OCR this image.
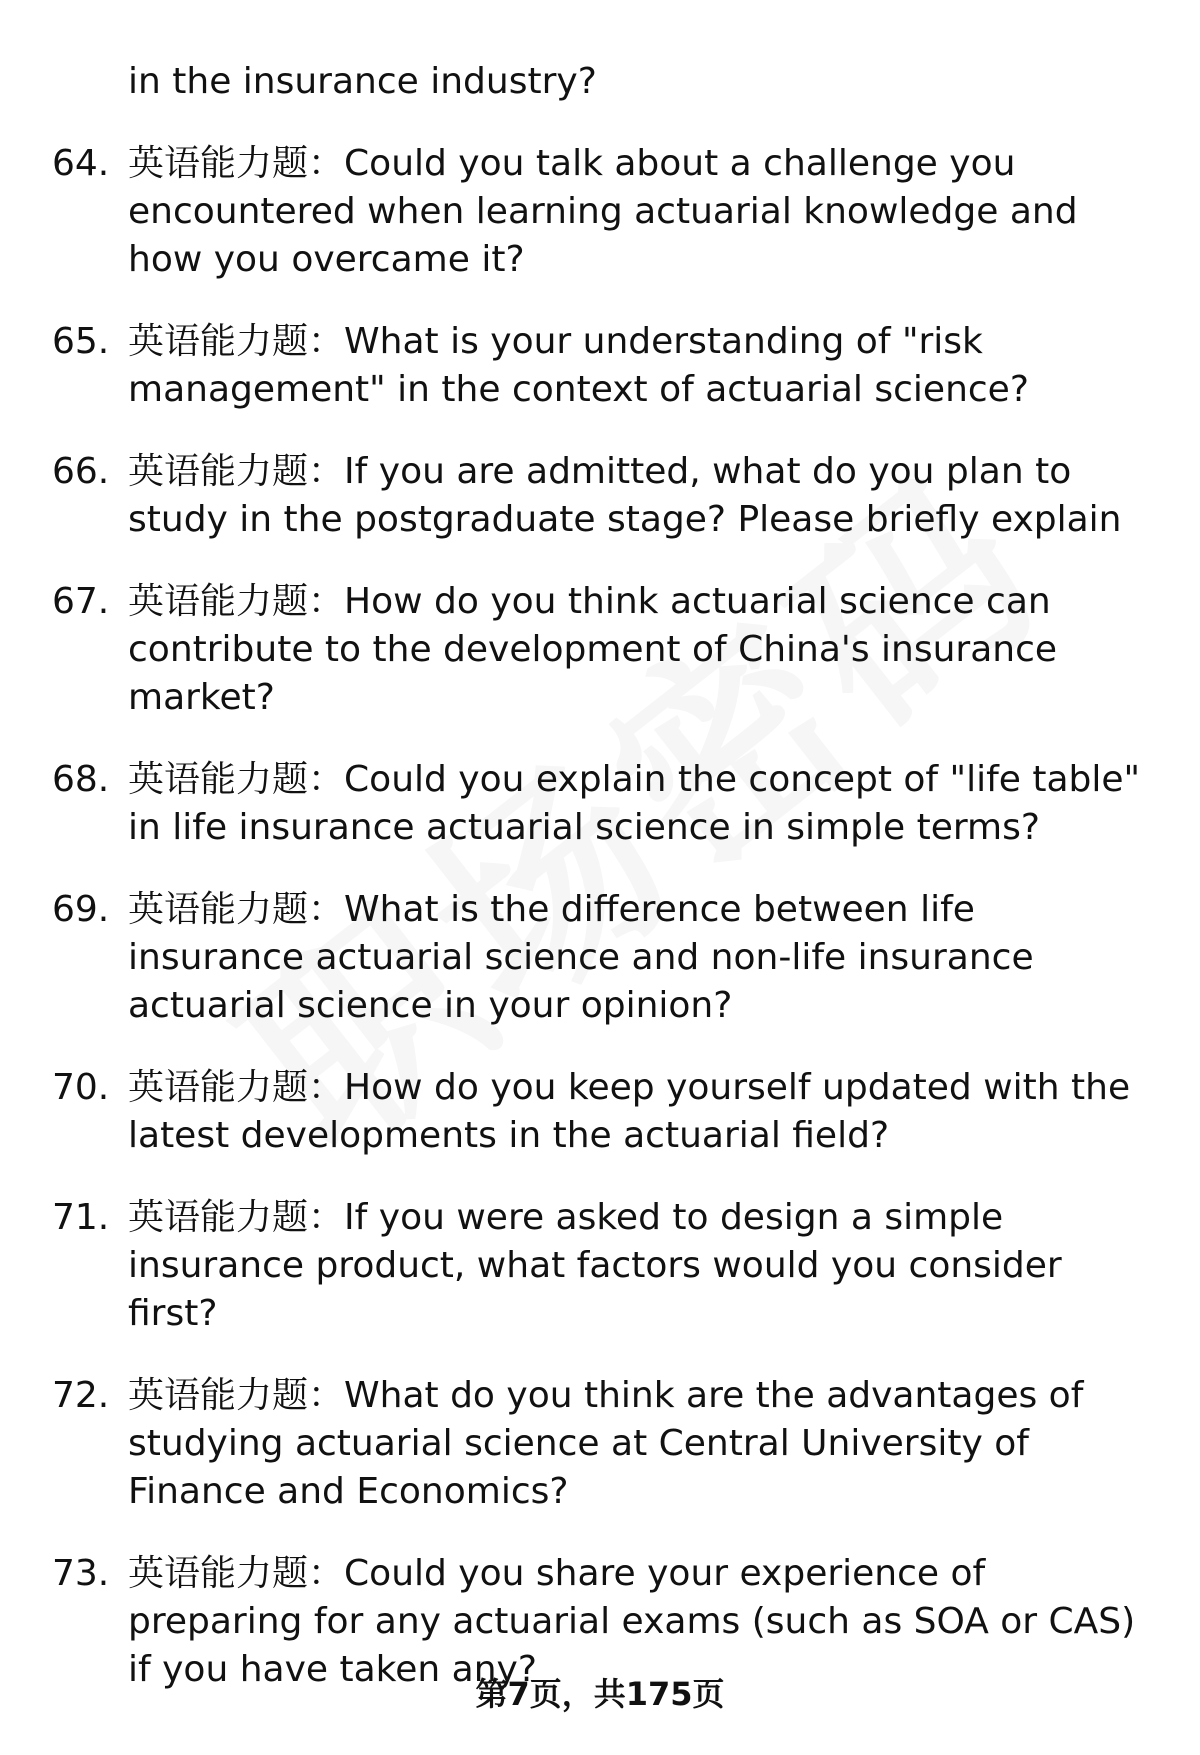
in the insurance industry?
64. 英语能力题 ： Could you talk about a challenge you encountered when learning actuarial knowledge and how you overcame it?
65. 英语能力题 ： What is your understanding of "risk management" in the context of actuarial science?
66. 英语能力题 ： If you are admitted, what do you plan to study in the postgraduate stage? Please briefly explain
67. 英语能力题 ： How do you think actuarial science can contribute to the development of China's insurance market?
68. 英语能力题 ： Could you explain the concept of "life table" in life insurance actuarial science in simple terms?
69. 英语能力题 ： What is the difference between life insurance actuarial science and non-life insurance actuarial science in your opinion?
70. 英语能力题 ： How do you keep yourself updated with the latest developments in the actuarial field?
71. 英语能力题 ： If you were asked to design a simple insurance product, what factors would you consider first?
72. 英语能力题 ： What do you think are the advantages of studying actuarial science at Central University of Finance and Economics?
73. 英语能力题 ： Could you share your experience of preparing for any actuarial exams (such as SOA or CAS) if you have taken any?
第7页，共175页
